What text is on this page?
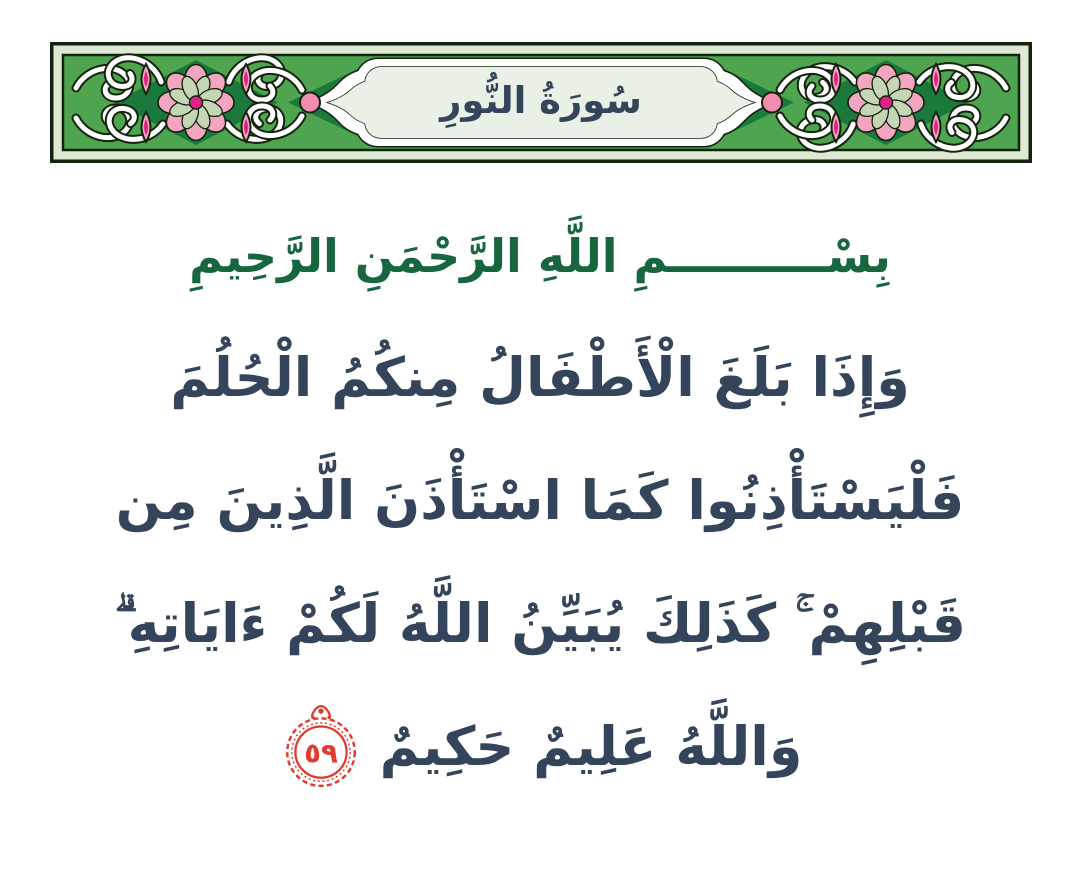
سُورَةُ النُّورِ
بِسْــــــــــمِ اللَّهِ الرَّحْمَنِ الرَّحِيمِ
وَإِذَا بَلَغَ الْأَطْفَالُ مِنكُمُ الْحُلُمَ
فَلْيَسْتَأْذِنُوا كَمَا اسْتَأْذَنَ الَّذِينَ مِن
قَبْلِهِمْ ۚ كَذَلِكَ يُبَيِّنُ اللَّهُ لَكُمْ ءَايَاتِهِ ۗ
وَاللَّهُ عَلِيمٌ حَكِيمٌ
٥٩
